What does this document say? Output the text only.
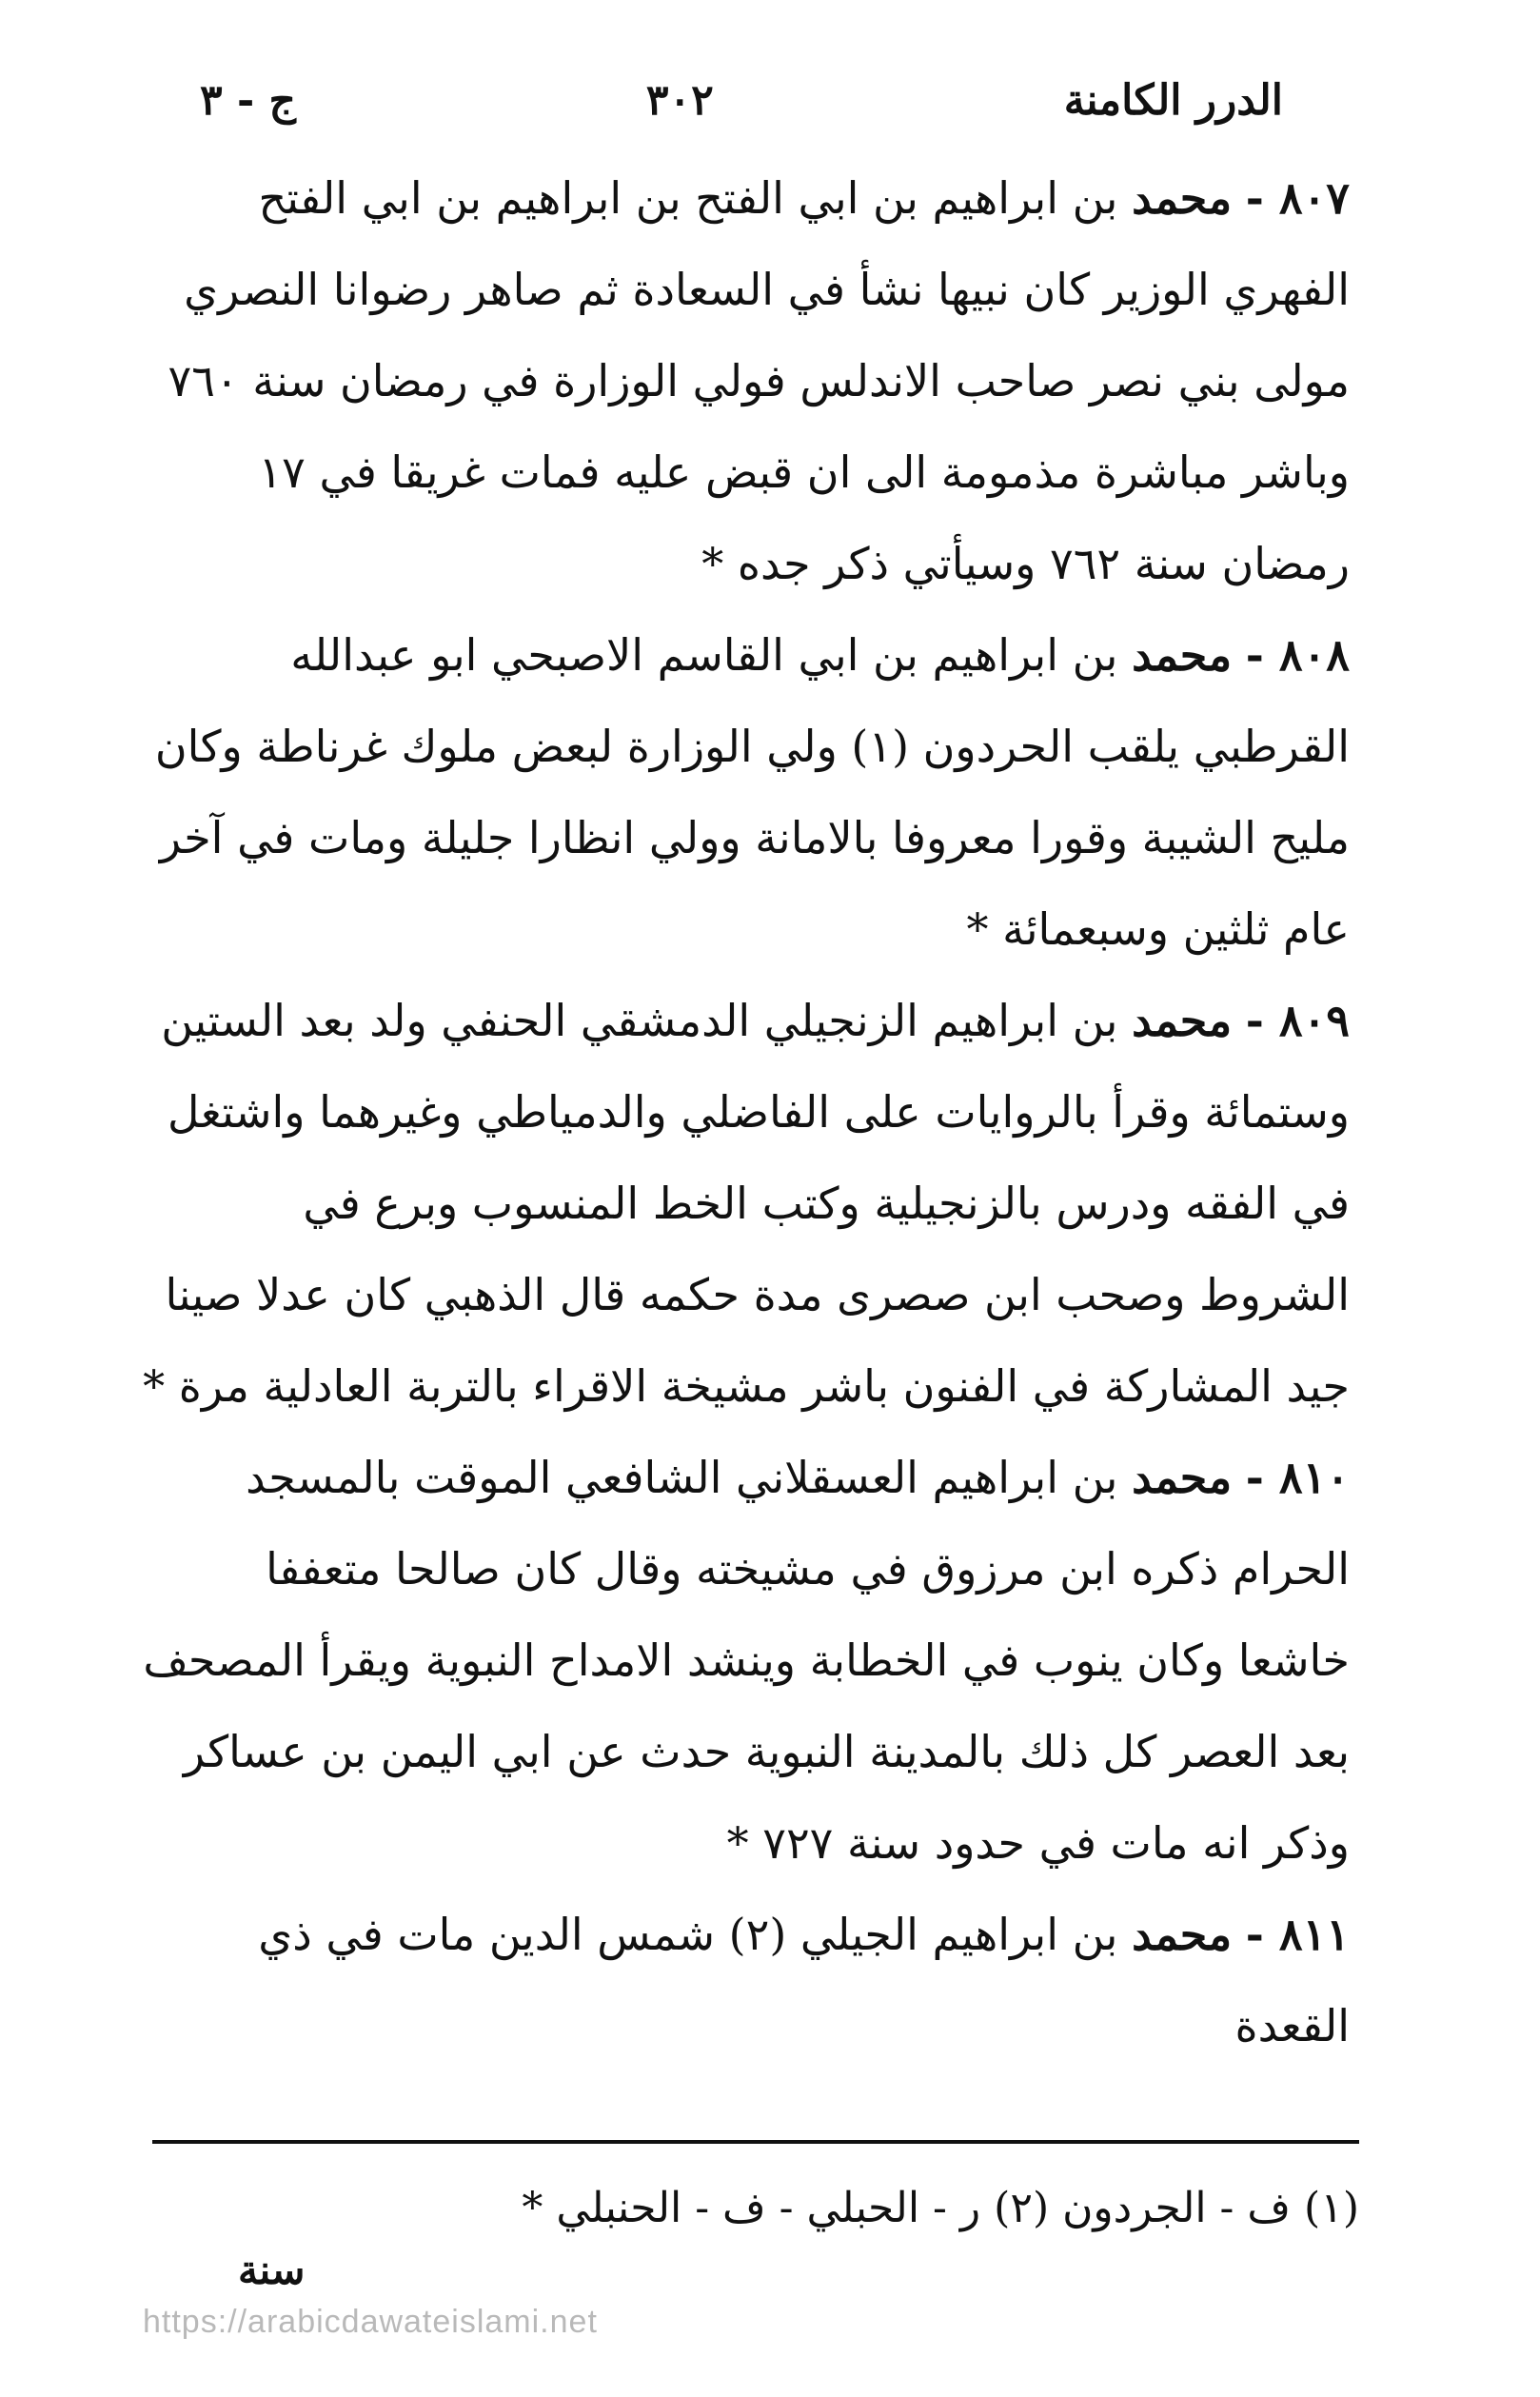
الدرر الكامنة
٣٠٢
ج - ٣

٨٠٧ - محمد بن ابراهيم بن ابي الفتح بن ابراهيم بن ابي الفتح الفهري الوزير كان نبيها نشأ في السعادة ثم صاهر رضوانا النصري مولى بني نصر صاحب الاندلس فولي الوزارة في رمضان سنة ٧٦٠ وباشر مباشرة مذمومة الى ان قبض عليه فمات غريقا في ١٧ رمضان سنة ٧٦٢ وسيأتي ذكر جده *

٨٠٨ - محمد بن ابراهيم بن ابي القاسم الاصبحي ابو عبدالله القرطبي يلقب الحردون (١) ولي الوزارة لبعض ملوك غرناطة وكان مليح الشيبة وقورا معروفا بالامانة وولي انظارا جليلة ومات في آخر عام ثلثين وسبعمائة *

٨٠٩ - محمد بن ابراهيم الزنجيلي الدمشقي الحنفي ولد بعد الستين وستمائة وقرأ بالروايات على الفاضلي والدمياطي وغيرهما واشتغل في الفقه ودرس بالزنجيلية وكتب الخط المنسوب وبرع في الشروط وصحب ابن صصرى مدة حكمه قال الذهبي كان عدلا صينا جيد المشاركة في الفنون باشر مشيخة الاقراء بالتربة العادلية مرة *

٨١٠ - محمد بن ابراهيم العسقلاني الشافعي الموقت بالمسجد الحرام ذكره ابن مرزوق في مشيخته وقال كان صالحا متعففا خاشعا وكان ينوب في الخطابة وينشد الامداح النبوية ويقرأ المصحف بعد العصر كل ذلك بالمدينة النبوية حدث عن ابي اليمن بن عساكر وذكر انه مات في حدود سنة ٧٢٧ *

٨١١ - محمد بن ابراهيم الجيلي (٢) شمس الدين مات في ذي القعدة

(١) ف - الجردون (٢) ر - الحبلي - ف - الحنبلي *
سنة
https://arabicdawateislami.net
